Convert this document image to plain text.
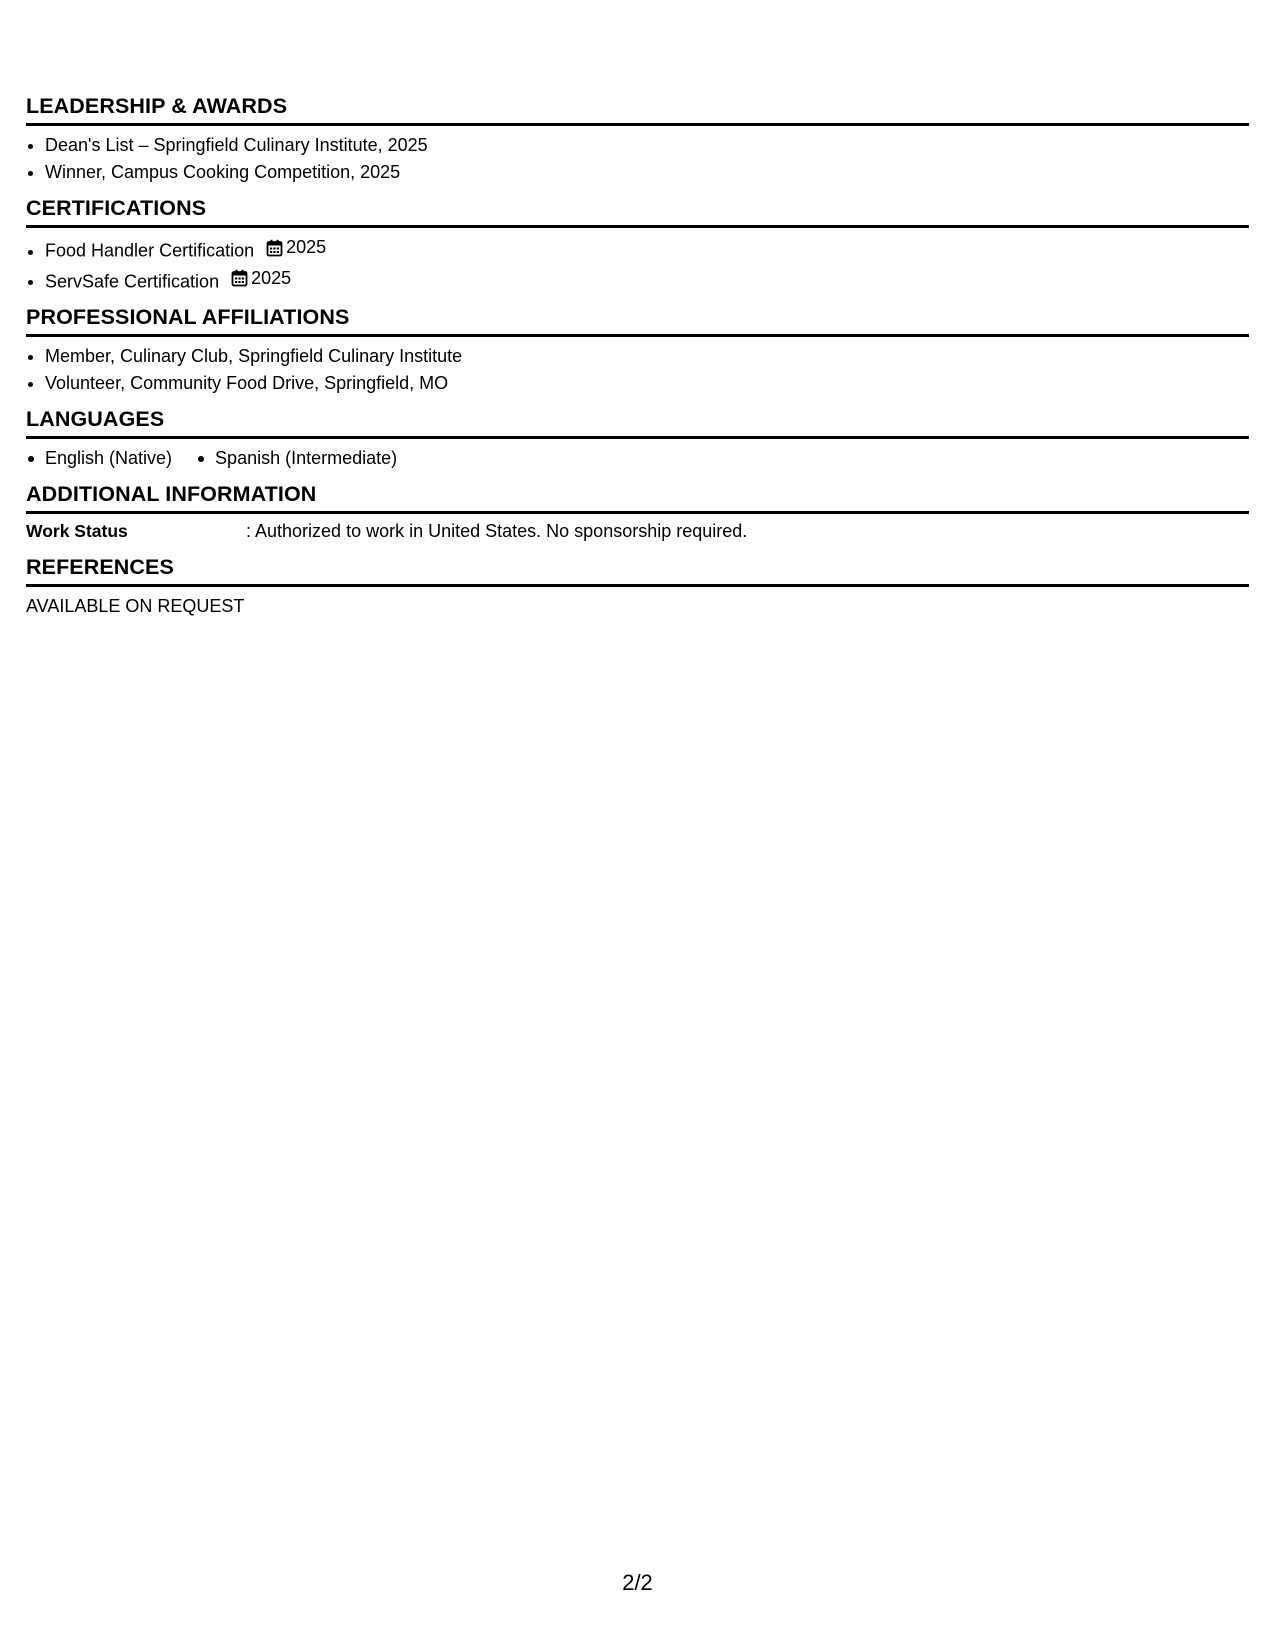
LEADERSHIP & AWARDS
• Dean's List – Springfield Culinary Institute, 2025
• Winner, Campus Cooking Competition, 2025
CERTIFICATIONS
• Food Handler Certification 2025
• ServSafe Certification 2025
PROFESSIONAL AFFILIATIONS
• Member, Culinary Club, Springfield Culinary Institute
• Volunteer, Community Food Drive, Springfield, MO
LANGUAGES
English (Native)	Spanish (Intermediate)
ADDITIONAL INFORMATION
Work Status	: Authorized to work in United States. No sponsorship required.
REFERENCES
AVAILABLE ON REQUEST
2/2
